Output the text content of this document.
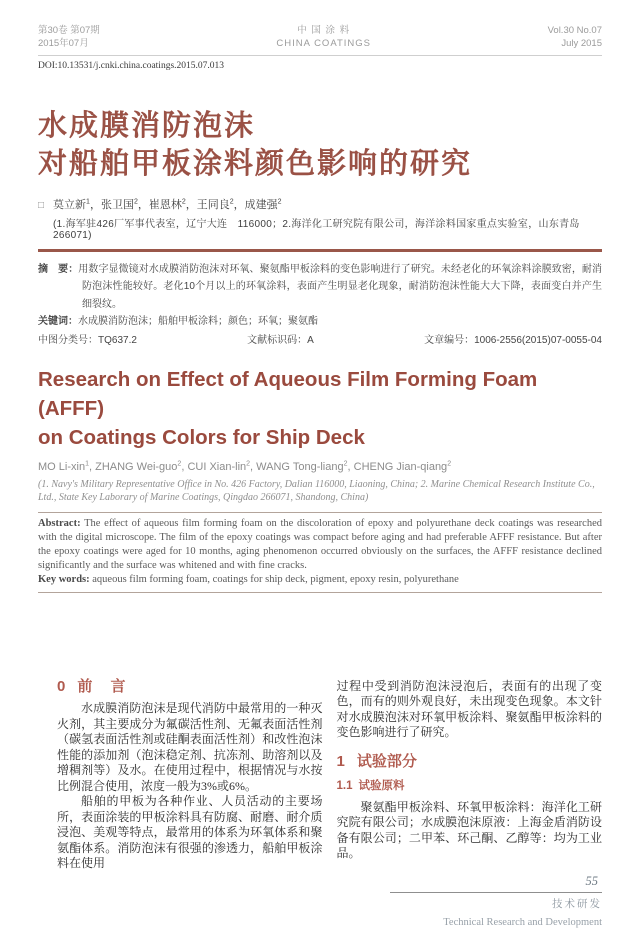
第30卷 第07期
2015年07月
中 国 涂 料
CHINA COATINGS
Vol.30 No.07
July 2015
DOI:10.13531/j.cnki.china.coatings.2015.07.013
水成膜消防泡沫
对船舶甲板涂料颜色影响的研究
□ 莫立新$^1$，张卫国$^2$，崔恩林$^2$，王同良$^2$，成建强$^2$
(1.海军驻426厂军事代表室，辽宁大连　116000；2.海洋化工研究院有限公司，海洋涂料国家重点实验室，山东青岛　266071)
摘　要：用数字显微镜对水成膜消防泡沫对环氧、聚氨酯甲板涂料的变色影响进行了研究。未经老化的环氧涂料涂膜致密，耐消防泡沫性能较好。老化10个月以上的环氧涂料，表面产生明显老化现象，耐消防泡沫性能大大下降，表面变白并产生细裂纹。
关键词：水成膜消防泡沫；船舶甲板涂料；颜色；环氧；聚氨酯
中图分类号：TQ637.2	文献标识码：A	文章编号：1006-2556(2015)07-0055-04
Research on Effect of Aqueous Film Forming Foam (AFFF)
on Coatings Colors for Ship Deck
MO Li-xin$^1$, ZHANG Wei-guo$^2$, CUI Xian-lin$^2$, WANG Tong-liang$^2$, CHENG Jian-qiang$^2$
(1. Navy's Military Representative Office in No. 426 Factory, Dalian 116000, Liaoning, China; 2. Marine Chemical Research Institute Co., Ltd., State Key Laborary of Marine Coatings, Qingdao 266071, Shandong, China)
Abstract: The effect of aqueous film forming foam on the discoloration of epoxy and polyurethane deck coatings was researched with the digital microscope. The film of the epoxy coatings was compact before aging and had preferable AFFF resistance. But after the epoxy coatings were aged for 10 months, aging phenomenon occurred obviously on the surfaces, the AFFF resistance declined significantly and the surface was whitened and with fine cracks.
Key words: aqueous film forming foam, coatings for ship deck, pigment, epoxy resin, polyurethane
0 前 言

水成膜消防泡沫是现代消防中最常用的一种灭火剂，其主要成分为氟碳活性剂、无氟表面活性剂（碳氢表面活性剂或硅酮表面活性剂）和改性泡沫性能的添加剂（泡沫稳定剂、抗冻剂、助溶剂以及增稠剂等）及水。在使用过程中，根据情况与水按比例混合使用，浓度一般为3%或6%。

船舶的甲板为各种作业、人员活动的主要场所，表面涂装的甲板涂料具有防腐、耐磨、耐介质浸泡、美观等特点，最常用的体系为环氧体系和聚氨酯体系。消防泡沫有很强的渗透力，船舶甲板涂料在使用

过程中受到消防泡沫浸泡后，表面有的出现了变色，而有的则外观良好，未出现变色现象。本文针对水成膜泡沫对环氧甲板涂料、聚氨酯甲板涂料的变色影响进行了研究。

1 试验部分
1.1 试验原料

聚氨酯甲板涂料、环氧甲板涂料：海洋化工研究院有限公司；水成膜泡沫原液：上海金盾消防设备有限公司；二甲苯、环己酮、乙醇等：均为工业品。

55
技术研发
Technical Research and Development
